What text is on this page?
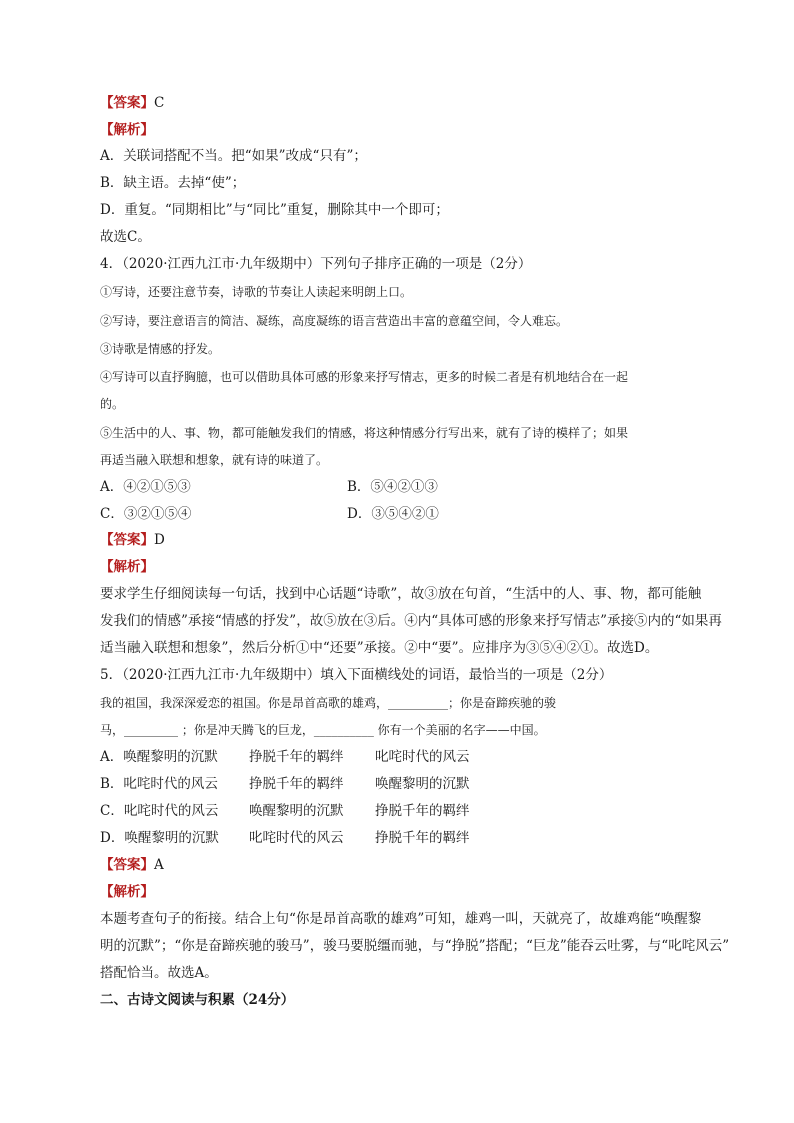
【答案】C
【解析】
A．关联词搭配不当。把“如果”改成“只有”；
B．缺主语。去掉“使”；
D．重复。“同期相比”与“同比”重复，删除其中一个即可；
故选C。
4．（2020·江西九江市·九年级期中）下列句子排序正确的一项是（2分）
①写诗，还要注意节奏，诗歌的节奏让人读起来明朗上口。
②写诗，要注意语言的简洁、凝练，高度凝练的语言营造出丰富的意蕴空间，令人难忘。
③诗歌是情感的抒发。
④写诗可以直抒胸臆，也可以借助具体可感的形象来抒写情志，更多的时候二者是有机地结合在一起
的。
⑤生活中的人、事、物，都可能触发我们的情感，将这种情感分行写出来，就有了诗的模样了；如果
再适当融入联想和想象，就有诗的味道了。
A．④②①⑤③	B．⑤④②①③
C．③②①⑤④	D．③⑤④②①
【答案】D
【解析】
要求学生仔细阅读每一句话，找到中心话题“诗歌”，故③放在句首，“生活中的人、事、物，都可能触
发我们的情感”承接“情感的抒发”，故⑤放在③后。④内“具体可感的形象来抒写情志”承接⑤内的“如果再
适当融入联想和想象”，然后分析①中“还要”承接。②中“要”。应排序为③⑤④②①。故选D。
5．（2020·江西九江市·九年级期中）填入下面横线处的词语，最恰当的一项是（2分）
我的祖国，我深深爱恋的祖国。你是昂首高歌的雄鸡，__________；你是奋蹄疾驰的骏
马，_________ ；你是冲天腾飞的巨龙，__________ 你有一个美丽的名字——中国。
A．唤醒黎明的沉默 挣脱千年的羁绊 叱咤时代的风云
B．叱咤时代的风云 挣脱千年的羁绊 唤醒黎明的沉默
C．叱咤时代的风云 唤醒黎明的沉默 挣脱千年的羁绊
D．唤醒黎明的沉默 叱咤时代的风云 挣脱千年的羁绊
【答案】A
【解析】
本题考查句子的衔接。结合上句“你是昂首高歌的雄鸡”可知，雄鸡一叫，天就亮了，故雄鸡能“唤醒黎
明的沉默”；“你是奋蹄疾驰的骏马”，骏马要脱缰而驰，与“挣脱”搭配；“巨龙”能吞云吐雾，与“叱咤风云”
搭配恰当。故选A。
二、古诗文阅读与积累（24分）
